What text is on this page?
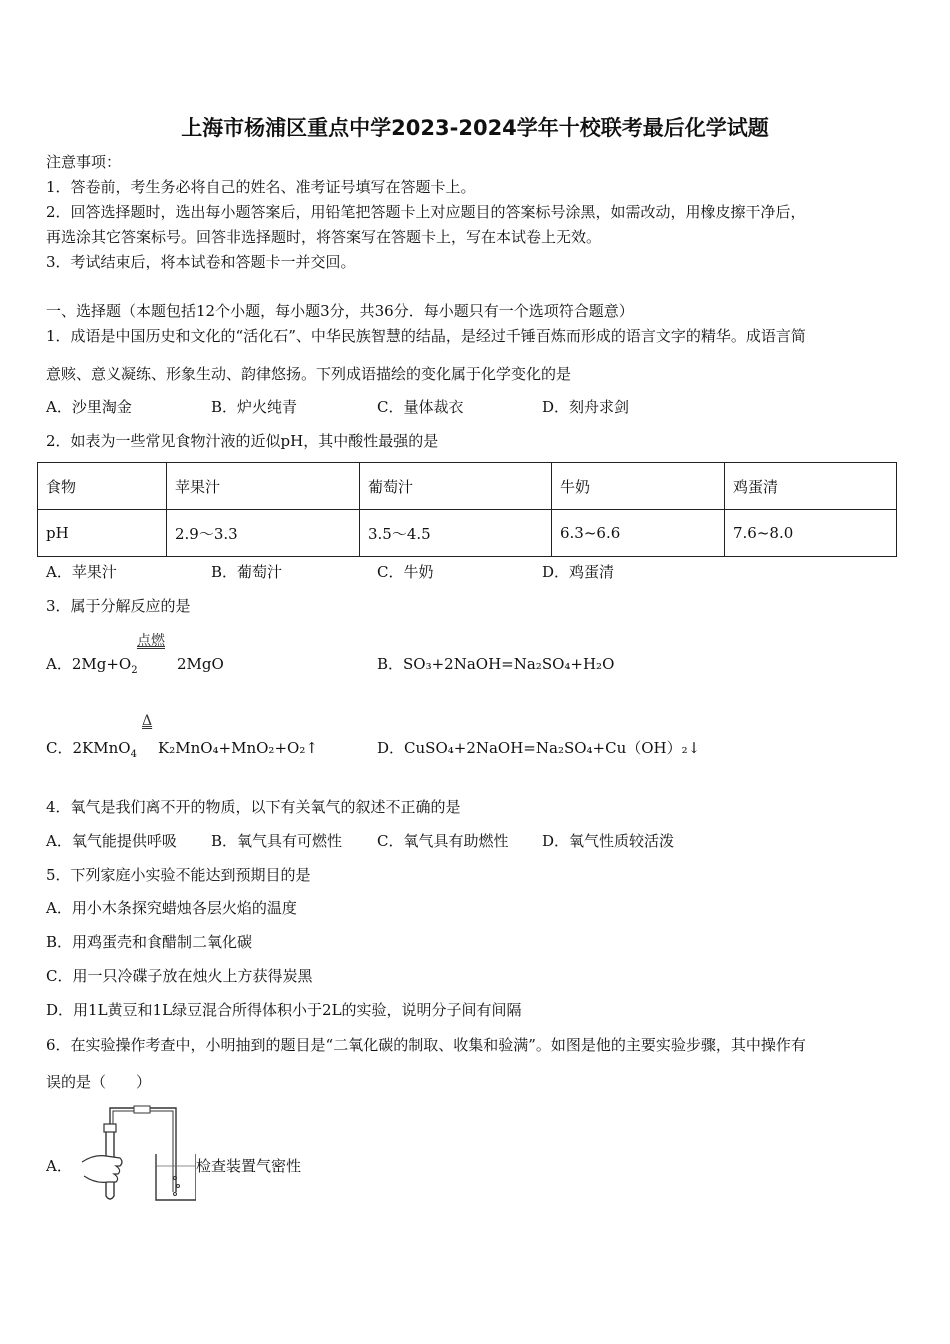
上海市杨浦区重点中学2023-2024学年十校联考最后化学试题
注意事项：
1．答卷前，考生务必将自己的姓名、准考证号填写在答题卡上。
2．回答选择题时，选出每小题答案后，用铅笔把答题卡上对应题目的答案标号涂黑，如需改动，用橡皮擦干净后，
再选涂其它答案标号。回答非选择题时，将答案写在答题卡上，写在本试卷上无效。
3．考试结束后，将本试卷和答题卡一并交回。
一、选择题（本题包括12个小题，每小题3分，共36分．每小题只有一个选项符合题意）
1．成语是中国历史和文化的“活化石”、中华民族智慧的结晶，是经过千锤百炼而形成的语言文字的精华。成语言简
意赅、意义凝练、形象生动、韵律悠扬。下列成语描绘的变化属于化学变化的是
A．沙里淘金	B．炉火纯青	C．量体裁衣	D．刻舟求剑
2．如表为一些常见食物汁液的近似pH，其中酸性最强的是
食物	苹果汁	葡萄汁	牛奶	鸡蛋清
pH	2.9～3.3	3.5～4.5	6.3~6.6	7.6~8.0
A．苹果汁	B．葡萄汁	C．牛奶	D．鸡蛋清
3．属于分解反应的是
A．$2Mg+O_2$
点燃
2MgO	B．SO₃+2NaOH=Na₂SO₄+H₂O
C．2KMnO$_4$
Δ
K₂MnO₄+MnO₂+O₂↑	D．CuSO₄+2NaOH=Na₂SO₄+Cu（OH）₂↓
4．氧气是我们离不开的物质，以下有关氧气的叙述不正确的是
A．氧气能提供呼吸 B．氧气具有可燃性 C．氧气具有助燃性 D．氧气性质较活泼
5．下列家庭小实验不能达到预期目的是
A．用小木条探究蜡烛各层火焰的温度
B．用鸡蛋壳和食醋制二氧化碳
C．用一只冷碟子放在烛火上方获得炭黑
D．用1L黄豆和1L绿豆混合所得体积小于2L的实验，说明分子间有间隔
6．在实验操作考查中，小明抽到的题目是“二氧化碳的制取、收集和验满”。如图是他的主要实验步骤，其中操作有
误的是（　　）
A．	检查装置气密性
